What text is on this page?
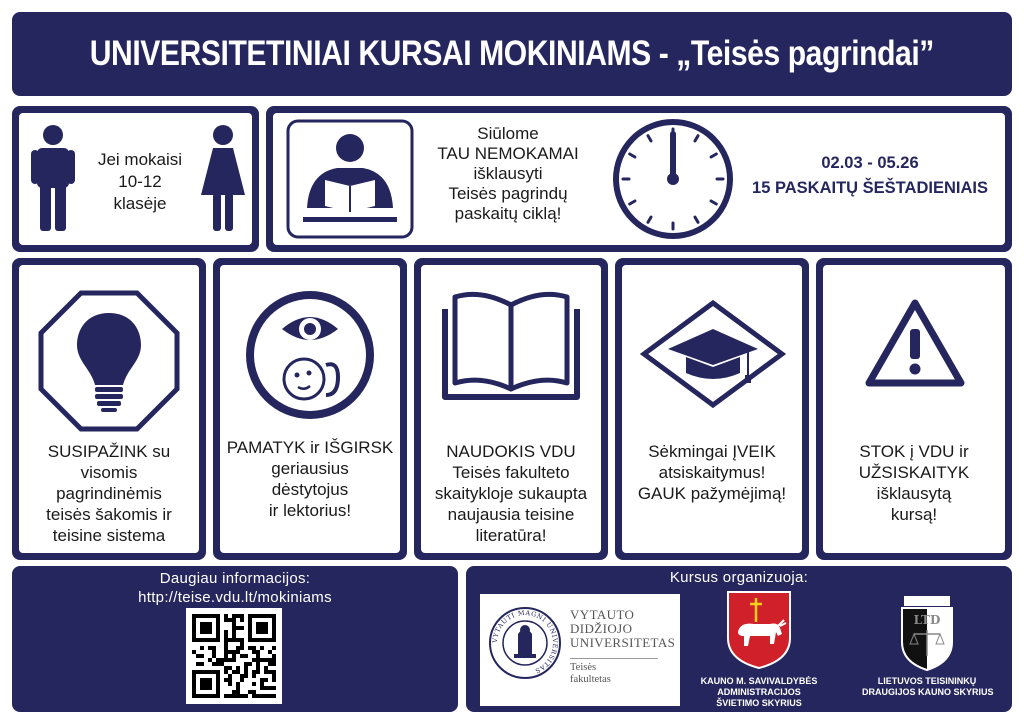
UNIVERSITETINIAI KURSAI MOKINIAMS - „Teisės pagrindai”
Jei mokaisi
10-12
klasėje
Siūlome
TAU NEMOKAMAI
išklausyti
Teisės pagrindų
paskaitų ciklą!
02.03 - 05.26
15 PASKAITŲ ŠEŠTADIENIAIS
SUSIPAŽINK su
visomis
pagrindinėmis
teisės šakomis ir
teisine sistema
PAMATYK ir IŠGIRSK
geriausius
dėstytojus
ir lektorius!
NAUDOKIS VDU
Teisės fakulteto
skaitykloje sukaupta
naujausia teisine
literatūra!
Sėkmingai ĮVEIK
atsiskaitymus!
GAUK pažymėjimą!
STOK į VDU ir
UŽSISKAITYK
išklausytą
kursą!
Daugiau informacijos:
http://teise.vdu.lt/mokiniams
Kursus organizuoja:
VYTAUTI MAGNI UNIVERSITAS
VYTAUTO
DIDŽIOJO
UNIVERSITETAS
Teisės
fakultetas	KAUNO M. SAVIVALDYBĖS
ADMINISTRACIJOS
ŠVIETIMO SKYRIUS
LTD
LIETUVOS TEISININKŲ
DRAUGIJOS KAUNO SKYRIUS
